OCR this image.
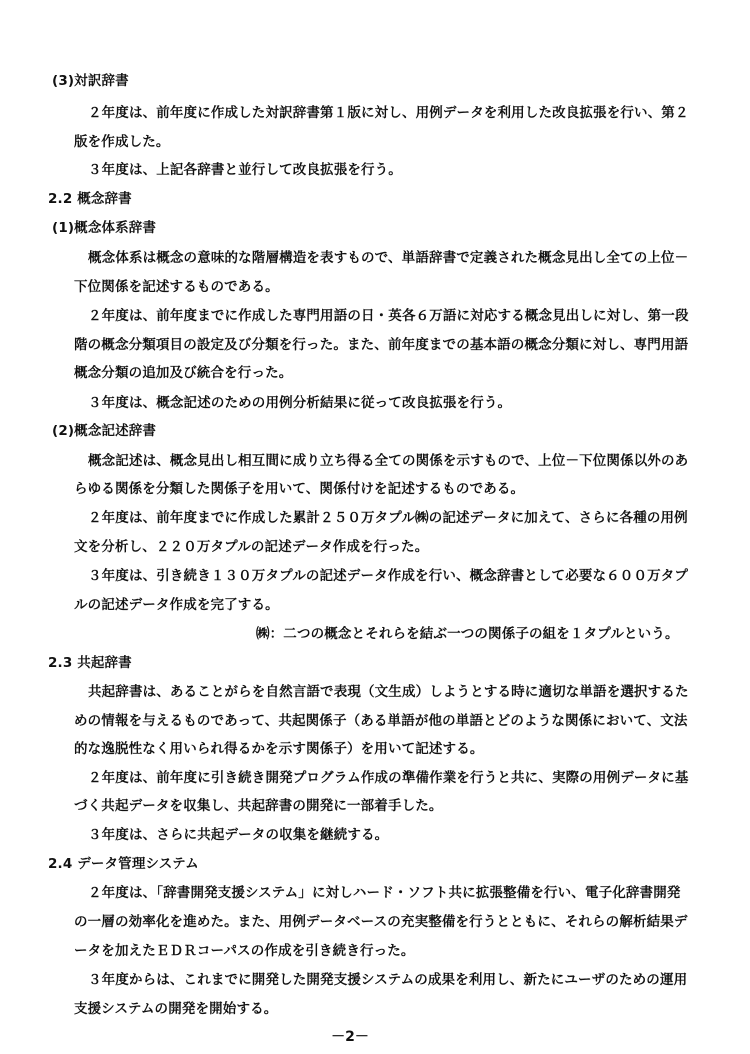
(3)対訳辞書
２年度は、前年度に作成した対訳辞書第１版に対し、用例データを利用した改良拡張を行い、第２
版を作成した。
３年度は、上記各辞書と並行して改良拡張を行う。
2.2 概念辞書
(1)概念体系辞書
概念体系は概念の意味的な階層構造を表すもので、単語辞書で定義された概念見出し全ての上位－
下位関係を記述するものである。
２年度は、前年度までに作成した専門用語の日・英各６万語に対応する概念見出しに対し、第一段
階の概念分類項目の設定及び分類を行った。また、前年度までの基本語の概念分類に対し、専門用語
概念分類の追加及び統合を行った。
３年度は、概念記述のための用例分析結果に従って改良拡張を行う。
(2)概念記述辞書
概念記述は、概念見出し相互間に成り立ち得る全ての関係を示すもので、上位－下位関係以外のあ
らゆる関係を分類した関係子を用いて、関係付けを記述するものである。
２年度は、前年度までに作成した累計２５０万タプル㈱の記述データに加えて、さらに各種の用例
文を分析し、２２０万タプルの記述データ作成を行った。
３年度は、引き続き１３０万タプルの記述データ作成を行い、概念辞書として必要な６００万タプ
ルの記述データ作成を完了する。
㈱：二つの概念とそれらを結ぶ一つの関係子の組を１タプルという。
2.3 共起辞書
共起辞書は、あることがらを自然言語で表現（文生成）しようとする時に適切な単語を選択するた
めの情報を与えるものであって、共起関係子（ある単語が他の単語とどのような関係において、文法
的な逸脱性なく用いられ得るかを示す関係子）を用いて記述する。
２年度は、前年度に引き続き開発プログラム作成の準備作業を行うと共に、実際の用例データに基
づく共起データを収集し、共起辞書の開発に一部着手した。
３年度は、さらに共起データの収集を継続する。
2.4 データ管理システム
２年度は、「辞書開発支援システム」に対しハード・ソフト共に拡張整備を行い、電子化辞書開発
の一層の効率化を進めた。また、用例データベースの充実整備を行うとともに、それらの解析結果デ
ータを加えたＥＤＲコーパスの作成を引き続き行った。
３年度からは、これまでに開発した開発支援システムの成果を利用し、新たにユーザのための運用
支援システムの開発を開始する。
－2－
